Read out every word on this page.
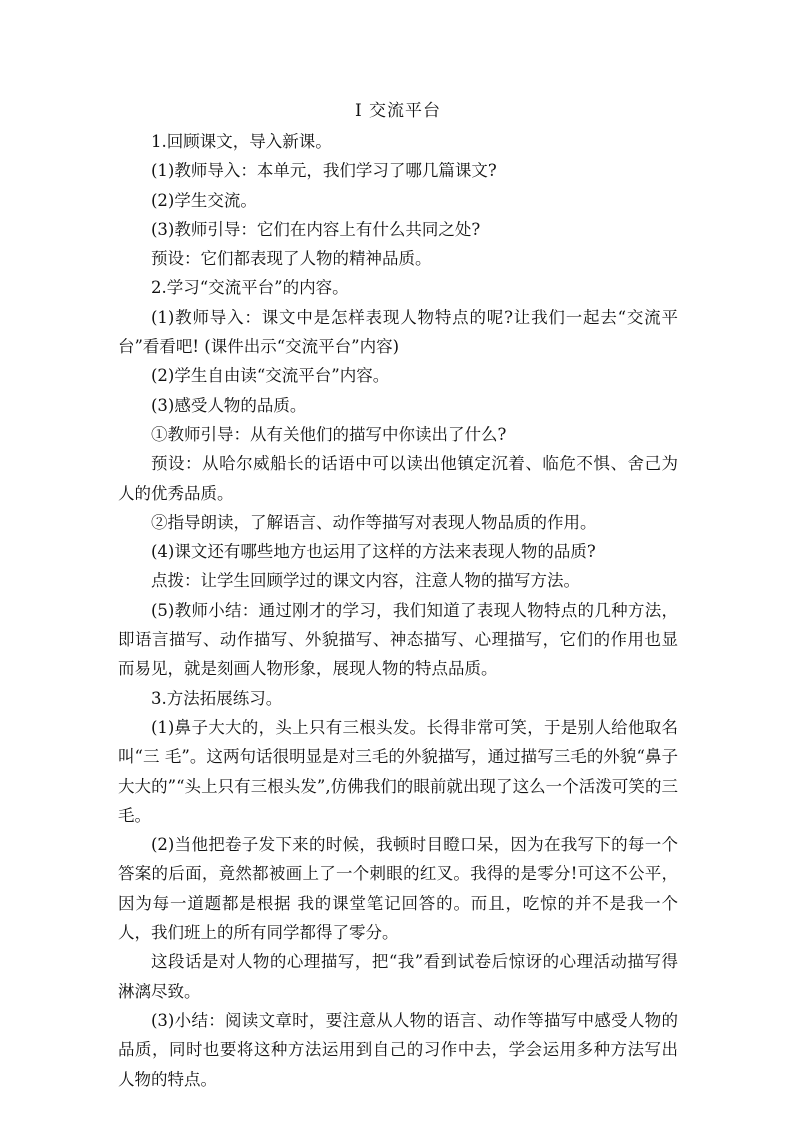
Ⅰ 交流平台

1.回顾课文，导入新课。

(1)教师导入：本单元，我们学习了哪几篇课文?

(2)学生交流。

(3)教师引导：它们在内容上有什么共同之处?

预设：它们都表现了人物的精神品质。

2.学习“交流平台”的内容。

(1)教师导入：课文中是怎样表现人物特点的呢?让我们一起去“交流平台”看看吧! (课件出示“交流平台”内容)

(2)学生自由读“交流平台”内容。

(3)感受人物的品质。

①教师引导：从有关他们的描写中你读出了什么?

预设：从哈尔威船长的话语中可以读出他镇定沉着、临危不惧、舍己为人的优秀品质。

②指导朗读，了解语言、动作等描写对表现人物品质的作用。

(4)课文还有哪些地方也运用了这样的方法来表现人物的品质?

点拨：让学生回顾学过的课文内容，注意人物的描写方法。

(5)教师小结：通过刚才的学习，我们知道了表现人物特点的几种方法，即语言描写、动作描写、外貌描写、神态描写、心理描写，它们的作用也显而易见，就是刻画人物形象，展现人物的特点品质。

3.方法拓展练习。

(1)鼻子大大的，头上只有三根头发。长得非常可笑，于是别人给他取名叫“三 毛”。这两句话很明显是对三毛的外貌描写，通过描写三毛的外貌“鼻子大大的”“头上只有三根头发”,仿佛我们的眼前就出现了这么一个活泼可笑的三毛。

(2)当他把卷子发下来的时候，我顿时目瞪口呆，因为在我写下的每一个答案的后面，竟然都被画上了一个刺眼的红叉。我得的是零分!可这不公平，因为每一道题都是根据 我的课堂笔记回答的。而且，吃惊的并不是我一个人，我们班上的所有同学都得了零分。

这段话是对人物的心理描写，把“我”看到试卷后惊讶的心理活动描写得淋漓尽致。

(3)小结：阅读文章时，要注意从人物的语言、动作等描写中感受人物的品质，同时也要将这种方法运用到自己的习作中去，学会运用多种方法写出人物的特点。
